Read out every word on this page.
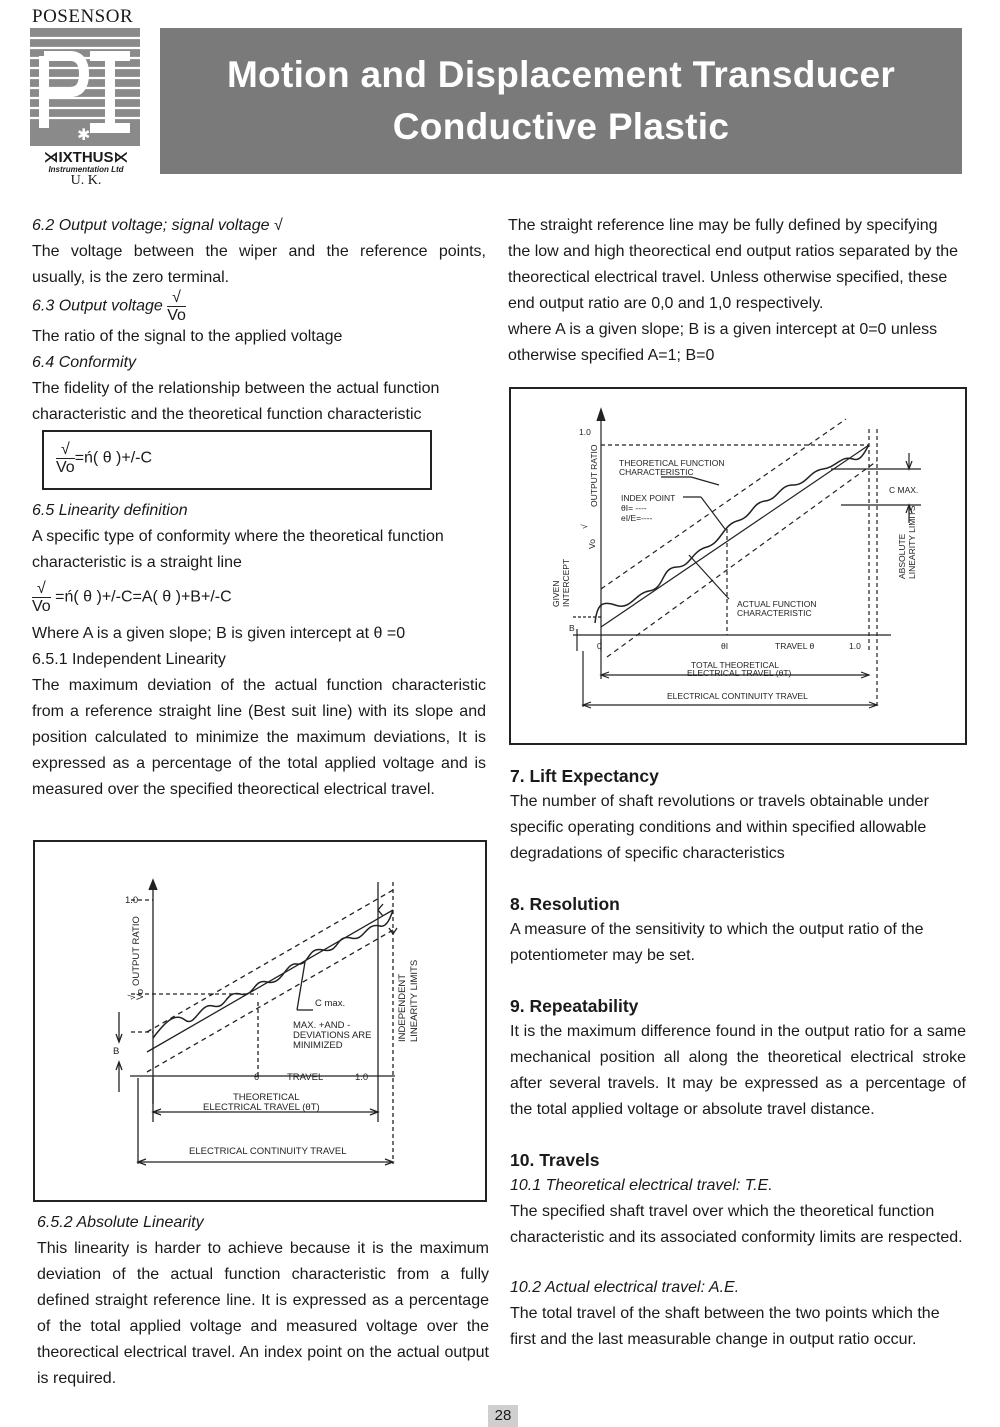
POSENSOR
✱
⋊IXTHUS⋉
Instrumentation Ltd
U. K.
Motion and Displacement Transducer
Conductive Plastic

6.2 Output voltage; signal voltage √

The voltage between the wiper and the reference points, usually, is the zero terminal.

6.3 Output voltage $\frac{√}{Vo}$

The ratio of the signal to the applied voltage

6.4 Conformity

The fidelity of the relationship between the actual function characteristic and the theoretical function characteristic

$\frac{√}{Vo}$ =ń( θ )+/-C

6.5 Linearity definition

A specific type of conformity where the theoretical function characteristic is a straight line

$\frac{√}{Vo}$ =ń( θ )+/-C=A( θ )+B+/-C

Where A is a given slope; B is given intercept at θ =0

6.5.1 Independent Linearity

The maximum deviation of the actual function characteristic from a reference straight line (Best suit line) with its slope and position calculated to minimize the maximum deviations, It is expressed as a percentage of the total applied voltage and is measured over the specified theorectical electrical travel.

1.0
OUTPUT RATIO
√
Vo
B
θ	TRAVEL	1.0
C max.
MAX. +AND -
DEVIATIONS ARE
MINIMIZED
INDEPENDENT LINEARITY LIMITS
THEORETICAL
ELECTRICAL TRAVEL (θT)
ELECTRICAL CONTINUITY TRAVEL

6.5.2 Absolute Linearity

This linearity is harder to achieve because it is the maximum deviation of the actual function characteristic from a fully defined straight reference line. It is expressed as a percentage of the total applied voltage and measured voltage over the theorectical electrical travel. An index point on the actual output is required.

The straight reference line may be fully defined by specifying the low and high theorectical end output ratios separated by the theorectical electrical travel. Unless otherwise specified, these end output ratio are 0,0 and 1,0 respectively.

where A is a given slope; B is a given intercept at 0=0 unless otherwise specified A=1; B=0

1.0
OUTPUT RATIO
√
Vo
GIVEN INTERCEPT
B
0
THEORETICAL FUNCTION
CHARACTERISTIC
INDEX POINT
θI= ----
eI/E=----
ACTUAL FUNCTION
CHARACTERISTIC
θI	TRAVEL θ	1.0
C MAX.
ABSOLUTE LINEARITY LIMITS
TOTAL THEORETICAL
ELECTRICAL TRAVEL (θT)
ELECTRICAL CONTINUITY TRAVEL

7. Lift Expectancy

The number of shaft revolutions or travels obtainable under specific operating conditions and within specified allowable degradations of specific characteristics

8. Resolution

A measure of the sensitivity to which the output ratio of the potentiometer may be set.

9. Repeatability

It is the maximum difference found in the output ratio for a same mechanical position all along the theoretical electrical stroke after several travels. It may be expressed as a percentage of the total applied voltage or absolute travel distance.

10. Travels

10.1 Theoretical electrical travel: T.E.

The specified shaft travel over which the theoretical function characteristic and its associated conformity limits are respected.

10.2 Actual electrical travel: A.E.

The total travel of the shaft between the two points which the first and the last measurable change in output ratio occur.

28
